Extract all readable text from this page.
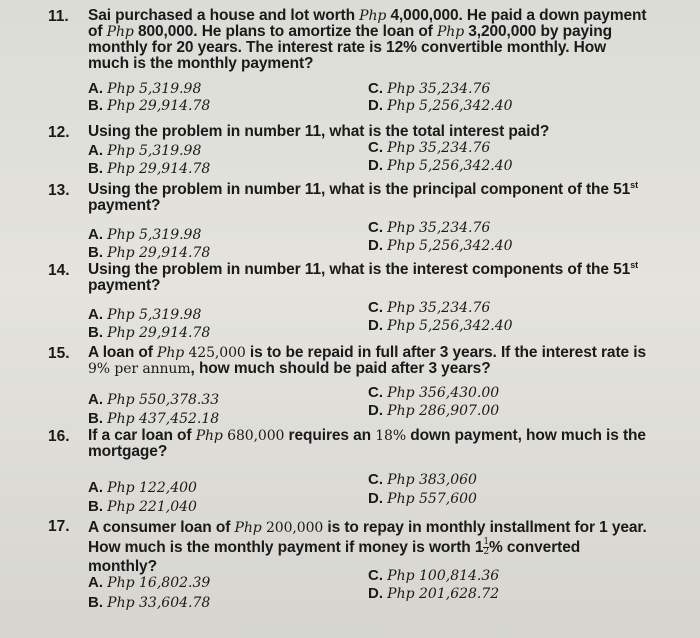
11.	Sai purchased a house and lot worth Php 4,000,000. He paid a down payment of Php 800,000. He plans to amortize the loan of Php 3,200,000 by paying monthly for 20 years. The interest rate is 12% convertible monthly. How much is the monthly payment?
A. Php 5,319.98
B. Php 29,914.78
C. Php 35,234.76
D. Php 5,256,342.40
12.	Using the problem in number 11, what is the total interest paid?
A. Php 5,319.98
B. Php 29,914.78
C. Php 35,234.76
D. Php 5,256,342.40
13.	Using the problem in number 11, what is the principal component of the 51st payment?
A. Php 5,319.98
B. Php 29,914.78
C. Php 35,234.76
D. Php 5,256,342.40
14.	Using the problem in number 11, what is the interest components of the 51st payment?
A. Php 5,319.98
B. Php 29,914.78
C. Php 35,234.76
D. Php 5,256,342.40
15.	A loan of Php 425,000 is to be repaid in full after 3 years. If the interest rate is 9% per annum, how much should be paid after 3 years?
A. Php 550,378.33
B. Php 437,452.18
C. Php 356,430.00
D. Php 286,907.00
16.	If a car loan of Php 680,000 requires an 18% down payment, how much is the mortgage?
A. Php 122,400
B. Php 221,040
C. Php 383,060
D. Php 557,600
17.	A consumer loan of Php 200,000 is to repay in monthly installment for 1 year. How much is the monthly payment if money is worth $1 \frac{1}{2}$ % converted monthly?
A. Php 16,802.39
B. Php 33,604.78
C. Php 100,814.36
D. Php 201,628.72
